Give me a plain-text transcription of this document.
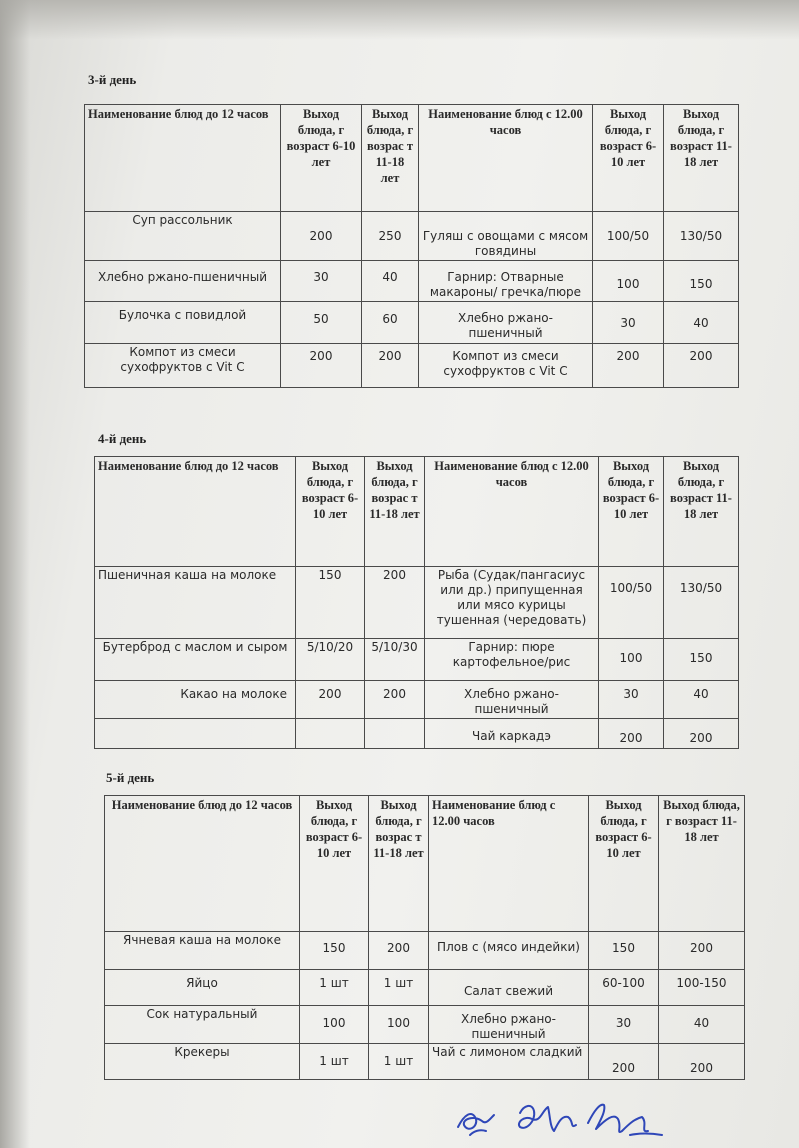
3-й день
Наименование блюд до 12 часов	Выход блюда, г возраст 6-10 лет	Выход блюда, г возрас т 11-18 лет	Наименование блюд с 12.00 часов	Выход блюда, г возраст 6-10 лет	Выход блюда, г возраст 11-18 лет
Суп рассольник	200	250	Гуляш с овощами с мясом говядины	100/50	130/50
Хлебно ржано-пшеничный	30	40	Гарнир: Отварные макароны/ гречка/пюре	100	150
Булочка с повидлой	50	60	Хлебно ржано-пшеничный	30	40
Компот из смеси сухофруктов с Vit C	200	200	Компот из смеси сухофруктов с Vit C	200	200
4-й день
Наименование блюд до 12 часов	Выход блюда, г возраст 6-10 лет	Выход блюда, г возрас т 11-18 лет	Наименование блюд с 12.00 часов	Выход блюда, г возраст 6-10 лет	Выход блюда, г возраст 11-18 лет
Пшеничная каша на молоке	150	200	Рыба (Судак/пангасиус или др.) припущенная или мясо курицы тушенная (чередовать)	100/50	130/50
Бутерброд с маслом и сыром	5/10/20	5/10/30	Гарнир: пюре картофельное/рис	100	150
Какао на молоке	200	200	Хлебно ржано-пшеничный	30	40
			Чай каркадэ	200	200
5-й день
Наименование блюд до 12 часов	Выход блюда, г возраст 6-10 лет	Выход блюда, г возрас т 11-18 лет	Наименование блюд с 12.00 часов	Выход блюда, г возраст 6-10 лет	Выход блюда, г возраст 11-18 лет
Ячневая каша на молоке	150	200	Плов с (мясо индейки)	150	200
Яйцо	1 шт	1 шт	Салат свежий	60-100	100-150
Сок натуральный	100	100	Хлебно ржано-пшеничный	30	40
Крекеры	1 шт	1 шт	Чай с лимоном сладкий	200	200
